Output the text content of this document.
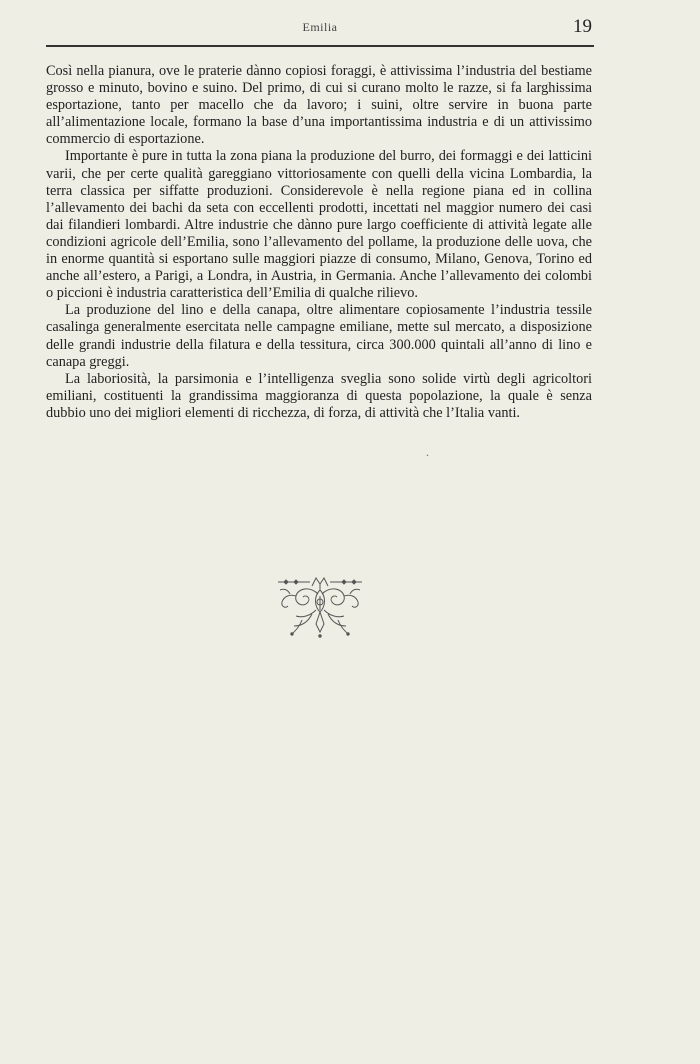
Emilia	19

Così nella pianura, ove le praterie dànno copiosi foraggi, è attivissima l’industria del bestiame grosso e minuto, bovino e suino. Del primo, di cui si curano molto le razze, si fa larghissima esportazione, tanto per macello che da lavoro; i suini, oltre servire in buona parte all’alimentazione locale, formano la base d’una importantissima industria e di un attivissimo commercio di esportazione.

Importante è pure in tutta la zona piana la produzione del burro, dei formaggi e dei latticini varii, che per certe qualità gareggiano vittoriosamente con quelli della vicina Lombardia, la terra classica per siffatte produzioni. Considerevole è nella regione piana ed in collina l’allevamento dei bachi da seta con eccellenti prodotti, incettati nel maggior numero dei casi dai filandieri lombardi. Altre industrie che dànno pure largo coefficiente di attività legate alle condizioni agricole dell’Emilia, sono l’allevamento del pollame, la produzione delle uova, che in enorme quantità si esportano sulle maggiori piazze di consumo, Milano, Genova, Torino ed anche all’estero, a Parigi, a Londra, in Austria, in Germania. Anche l’allevamento dei colombi o piccioni è industria caratteristica dell’Emilia di qualche rilievo.

La produzione del lino e della canapa, oltre alimentare copiosamente l’industria tessile casalinga generalmente esercitata nelle campagne emiliane, mette sul mercato, a disposizione delle grandi industrie della filatura e della tessitura, circa 300.000 quintali all’anno di lino e canapa greggi.

La laboriosità, la parsimonia e l’intelligenza sveglia sono solide virtù degli agricoltori emiliani, costituenti la grandissima maggioranza di questa popolazione, la quale è senza dubbio uno dei migliori elementi di ricchezza, di forza, di attività che l’Italia vanti.

.
